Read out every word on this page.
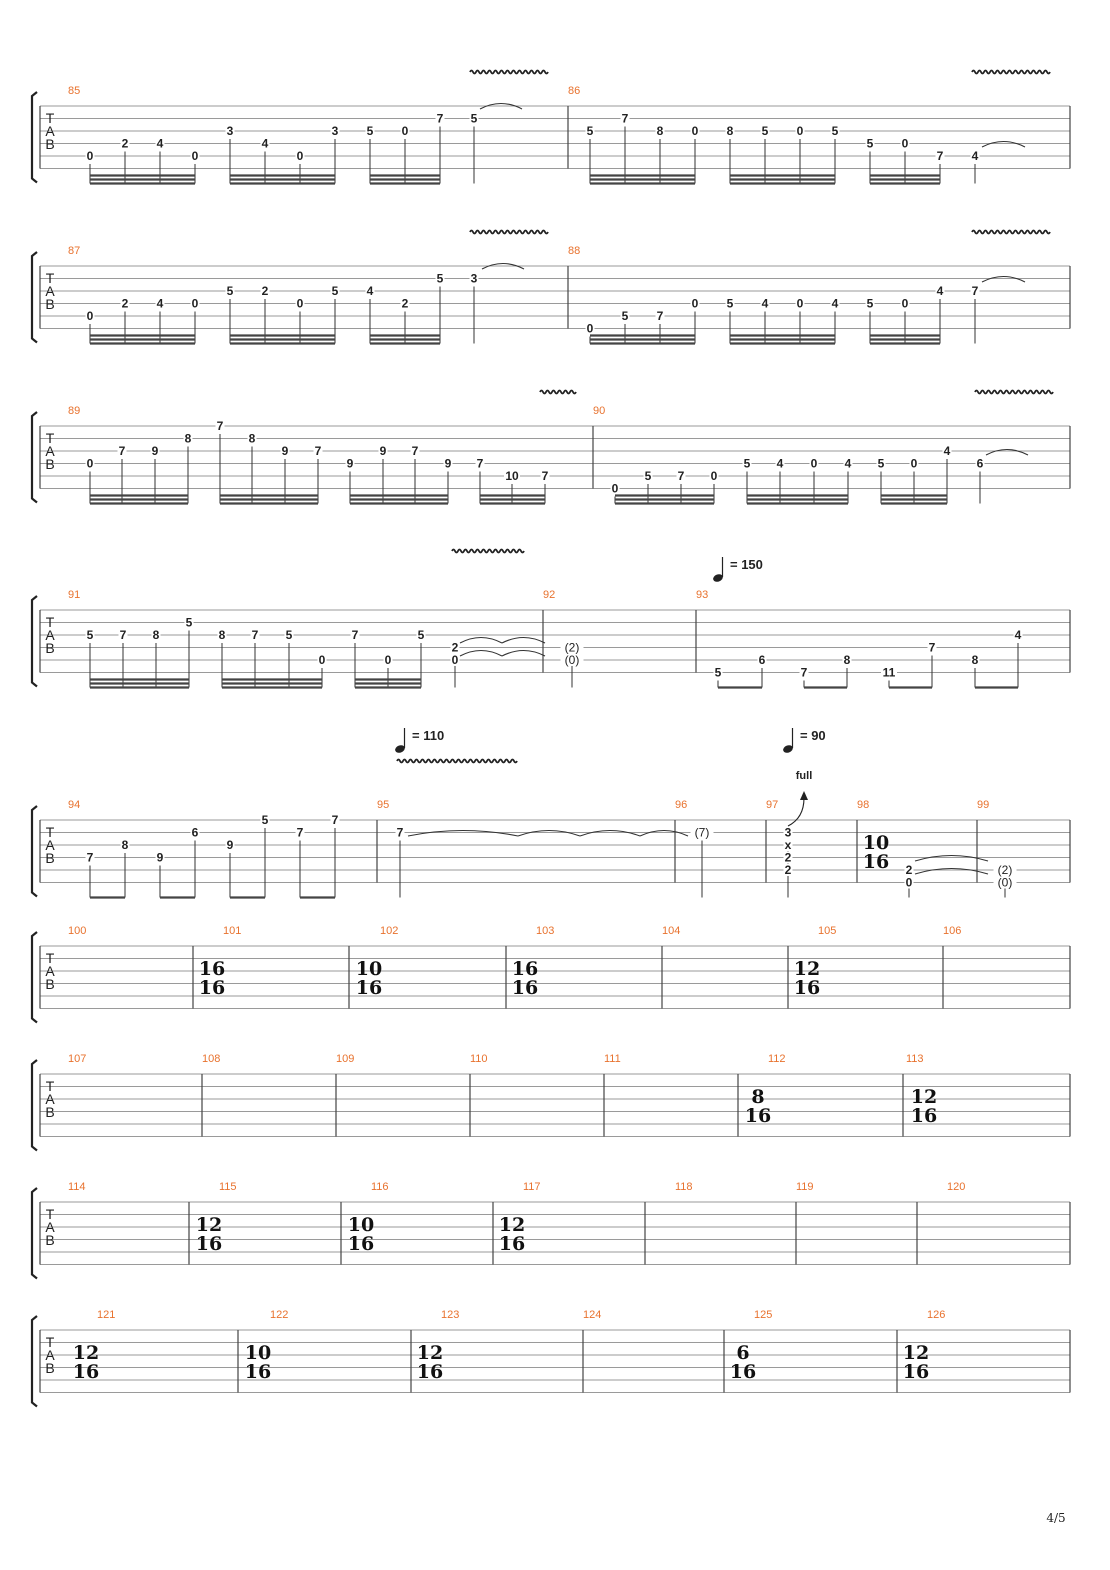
T
A
B
T
A
B
T
A
B
T
A
B
T
A
B
T
A
B
T
A
B
T
A
B
T
A
B
85
0
2 4
0
3
4
0
3 5 0
7 5
86
5
7
8 0 8 5 0 5
5 0
7 4
87
0
2 4 0
5 2
0
5 4
2
5 3
88
0
5 7
0 5 4 0 4 5 0
4 7
89
0
7 9
8
7
8
9 7
9
9 7
9 7
10 7
90
0
5 7 0
5 4 0 4 5 0
4
6
91
5 7 8
5
8 7 5
0
7
0
5
2
0
92
(2)
(0)
93
5
6
7
8
11
7
8
4
94
7
8
9
6
9
5
7
7
95
7
96
(7)
97
3
x
2
2
98
10
16 2
0
99
(2)
(0)
100	101
16
16
102
10
16
103
16
16
104	105
12
16
106
107	108	109	110	111	112
8
16
113
12
16
114	115	116
12
16
117
10
16
118
12
16
119	120
121
12
16
122
10
16
123
12
16
124	125
6
16
126
12
16
= 150
= 110	= 90
full
4/5
